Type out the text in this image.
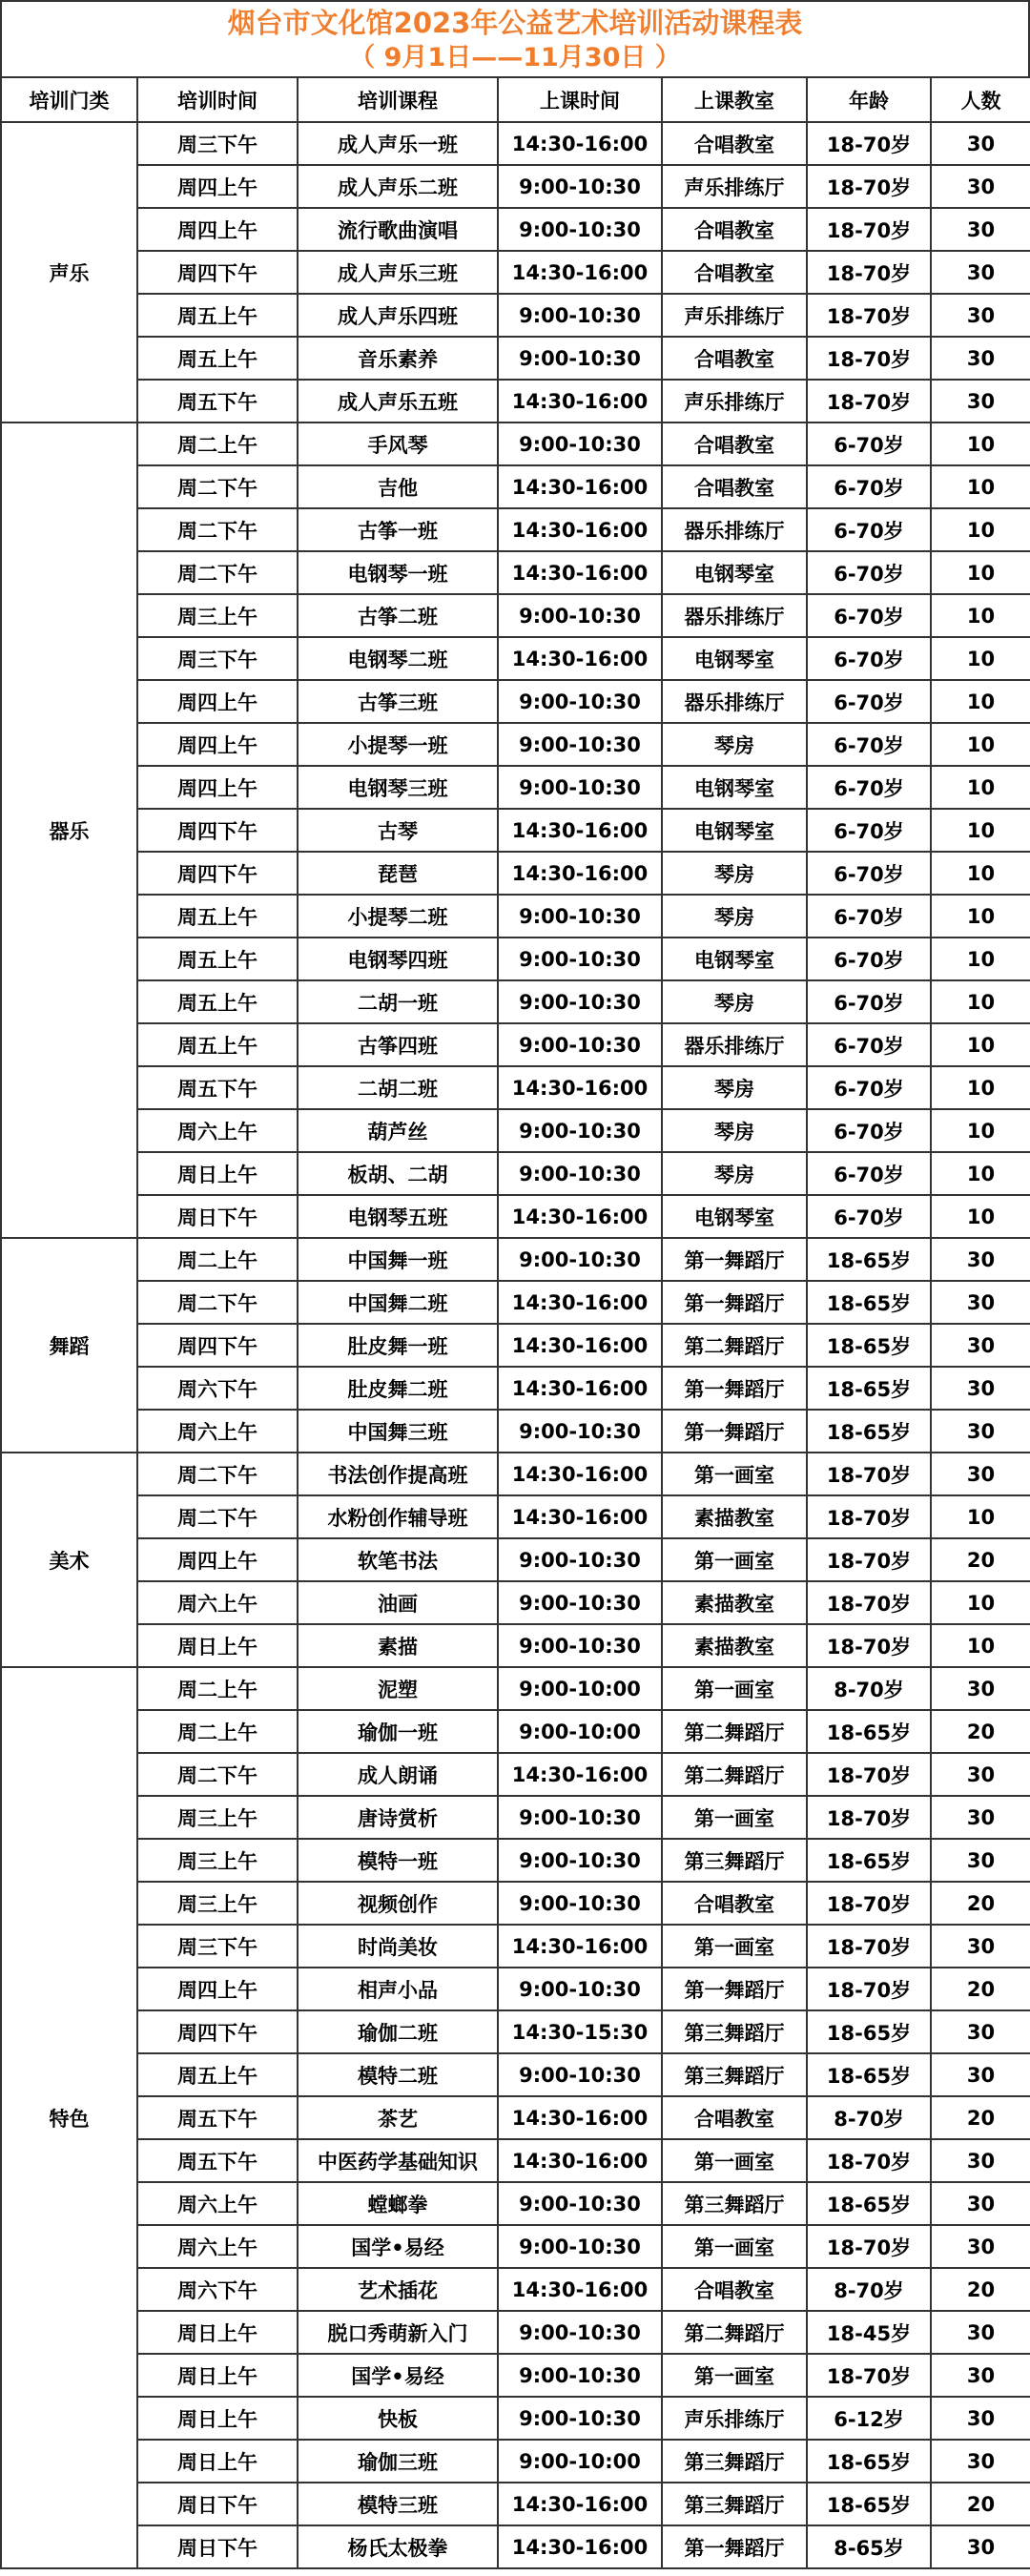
烟台市文化馆2023年公益艺术培训活动课程表
（ 9月1日——11月30日 ）
培训门类	培训时间	培训课程	上课时间	上课教室	年龄	人数
声乐	周三下午	成人声乐一班	14:30-16:00	合唱教室	18-70岁	30
	周四上午	成人声乐二班	9:00-10:30	声乐排练厅	18-70岁	30
	周四上午	流行歌曲演唱	9:00-10:30	合唱教室	18-70岁	30
	周四下午	成人声乐三班	14:30-16:00	合唱教室	18-70岁	30
	周五上午	成人声乐四班	9:00-10:30	声乐排练厅	18-70岁	30
	周五上午	音乐素养	9:00-10:30	合唱教室	18-70岁	30
	周五下午	成人声乐五班	14:30-16:00	声乐排练厅	18-70岁	30
器乐	周二上午	手风琴	9:00-10:30	合唱教室	6-70岁	10
	周二下午	吉他	14:30-16:00	合唱教室	6-70岁	10
	周二下午	古筝一班	14:30-16:00	器乐排练厅	6-70岁	10
	周二下午	电钢琴一班	14:30-16:00	电钢琴室	6-70岁	10
	周三上午	古筝二班	9:00-10:30	器乐排练厅	6-70岁	10
	周三下午	电钢琴二班	14:30-16:00	电钢琴室	6-70岁	10
	周四上午	古筝三班	9:00-10:30	器乐排练厅	6-70岁	10
	周四上午	小提琴一班	9:00-10:30	琴房	6-70岁	10
	周四上午	电钢琴三班	9:00-10:30	电钢琴室	6-70岁	10
	周四下午	古琴	14:30-16:00	电钢琴室	6-70岁	10
	周四下午	琵琶	14:30-16:00	琴房	6-70岁	10
	周五上午	小提琴二班	9:00-10:30	琴房	6-70岁	10
	周五上午	电钢琴四班	9:00-10:30	电钢琴室	6-70岁	10
	周五上午	二胡一班	9:00-10:30	琴房	6-70岁	10
	周五上午	古筝四班	9:00-10:30	器乐排练厅	6-70岁	10
	周五下午	二胡二班	14:30-16:00	琴房	6-70岁	10
	周六上午	葫芦丝	9:00-10:30	琴房	6-70岁	10
	周日上午	板胡、二胡	9:00-10:30	琴房	6-70岁	10
	周日下午	电钢琴五班	14:30-16:00	电钢琴室	6-70岁	10
舞蹈	周二上午	中国舞一班	9:00-10:30	第一舞蹈厅	18-65岁	30
	周二下午	中国舞二班	14:30-16:00	第一舞蹈厅	18-65岁	30
	周四下午	肚皮舞一班	14:30-16:00	第二舞蹈厅	18-65岁	30
	周六下午	肚皮舞二班	14:30-16:00	第一舞蹈厅	18-65岁	30
	周六上午	中国舞三班	9:00-10:30	第一舞蹈厅	18-65岁	30
美术	周二下午	书法创作提高班	14:30-16:00	第一画室	18-70岁	30
	周二下午	水粉创作辅导班	14:30-16:00	素描教室	18-70岁	10
	周四上午	软笔书法	9:00-10:30	第一画室	18-70岁	20
	周六上午	油画	9:00-10:30	素描教室	18-70岁	10
	周日上午	素描	9:00-10:30	素描教室	18-70岁	10
特色	周二上午	泥塑	9:00-10:00	第一画室	8-70岁	30
	周二上午	瑜伽一班	9:00-10:00	第二舞蹈厅	18-65岁	20
	周二下午	成人朗诵	14:30-16:00	第二舞蹈厅	18-70岁	30
	周三上午	唐诗赏析	9:00-10:30	第一画室	18-70岁	30
	周三上午	模特一班	9:00-10:30	第三舞蹈厅	18-65岁	30
	周三上午	视频创作	9:00-10:30	合唱教室	18-70岁	20
	周三下午	时尚美妆	14:30-16:00	第一画室	18-70岁	30
	周四上午	相声小品	9:00-10:30	第一舞蹈厅	18-70岁	20
	周四下午	瑜伽二班	14:30-15:30	第三舞蹈厅	18-65岁	30
	周五上午	模特二班	9:00-10:30	第三舞蹈厅	18-65岁	30
	周五下午	茶艺	14:30-16:00	合唱教室	8-70岁	20
	周五下午	中医药学基础知识	14:30-16:00	第一画室	18-70岁	30
	周六上午	螳螂拳	9:00-10:30	第三舞蹈厅	18-65岁	30
	周六上午	国学•易经	9:00-10:30	第一画室	18-70岁	30
	周六下午	艺术插花	14:30-16:00	合唱教室	8-70岁	20
	周日上午	脱口秀萌新入门	9:00-10:30	第二舞蹈厅	18-45岁	30
	周日上午	国学•易经	9:00-10:30	第一画室	18-70岁	30
	周日上午	快板	9:00-10:30	声乐排练厅	6-12岁	30
	周日上午	瑜伽三班	9:00-10:00	第三舞蹈厅	18-65岁	30
	周日下午	模特三班	14:30-16:00	第三舞蹈厅	18-65岁	20
	周日下午	杨氏太极拳	14:30-16:00	第一舞蹈厅	8-65岁	30
